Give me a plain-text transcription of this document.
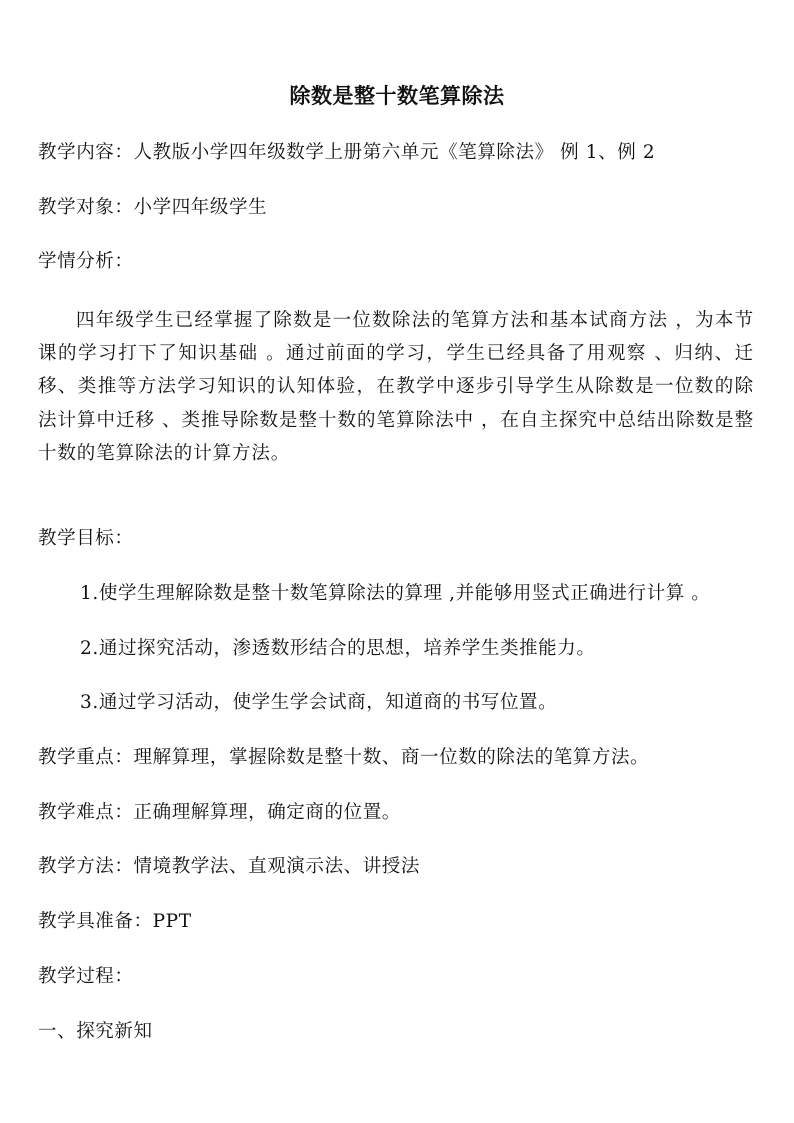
除数是整十数笔算除法
教学内容：人教版小学四年级数学上册第六单元《笔算除法》 例 1、例 2
教学对象：小学四年级学生
学情分析：
四年级学生已经掌握了除数是一位数除法的笔算方法和基本试商方法 ，为本节课的学习打下了知识基础 。通过前面的学习，学生已经具备了用观察 、归纳、迁移、类推等方法学习知识的认知体验，在教学中逐步引导学生从除数是一位数的除法计算中迁移 、类推导除数是整十数的笔算除法中 ，在自主探究中总结出除数是整十数的笔算除法的计算方法。
教学目标：
1.使学生理解除数是整十数笔算除法的算理 ,并能够用竖式正确进行计算 。
2.通过探究活动，渗透数形结合的思想，培养学生类推能力。
3.通过学习活动，使学生学会试商，知道商的书写位置。
教学重点：理解算理，掌握除数是整十数、商一位数的除法的笔算方法。
教学难点：正确理解算理，确定商的位置。
教学方法：情境教学法、直观演示法、讲授法
教学具准备：PPT
教学过程：
一、探究新知
